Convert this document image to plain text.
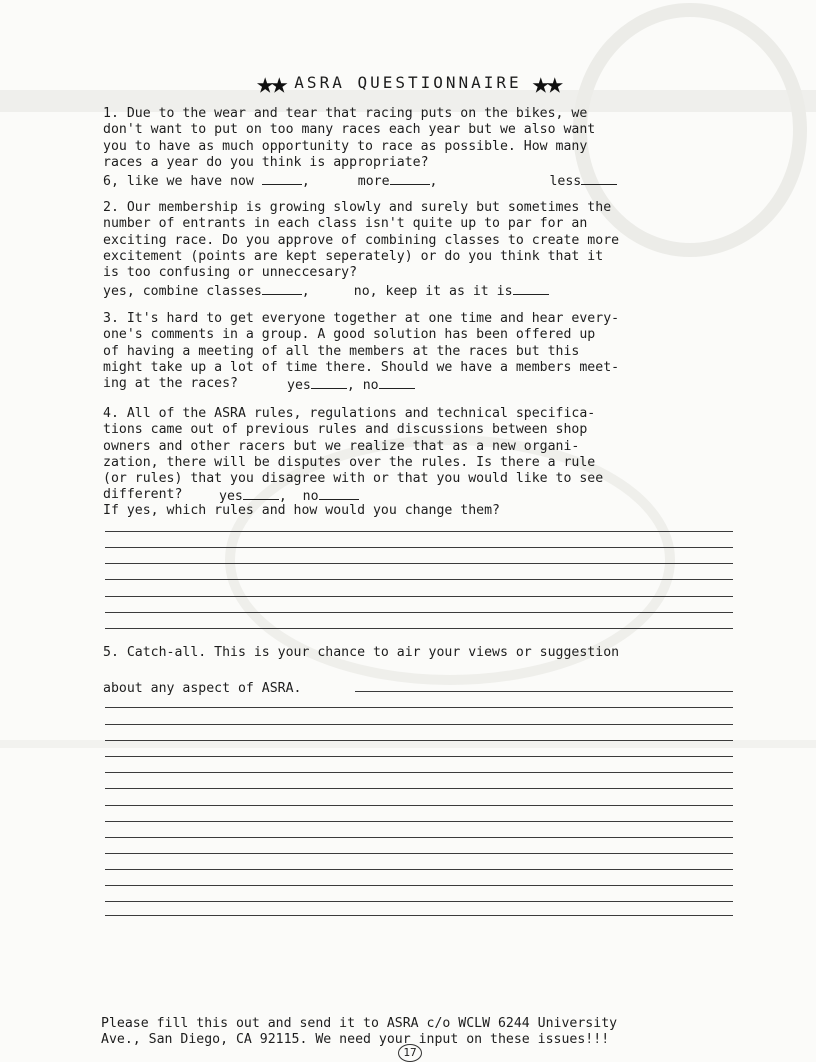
★★ ASRA QUESTIONNAIRE ★★
1. Due to the wear and tear that racing puts on the bikes, we
don't want to put on too many races each year but we also want
you to have as much opportunity to race as possible. How many
races a year do you think is appropriate?
6, like we have now	,	more	,	less
2. Our membership is growing slowly and surely but sometimes the
number of entrants in each class isn't quite up to par for an
exciting race. Do you approve of combining classes to create more
excitement (points are kept seperately) or do you think that it
is too confusing or unneccesary?
yes, combine classes	,	no, keep it as it is
3. It's hard to get everyone together at one time and hear every-
one's comments in a group. A good solution has been offered up
of having a meeting of all the members at the races but this
might take up a lot of time there. Should we have a members meet-
ing at the races?	yes	, no
4. All of the ASRA rules, regulations and technical specifica-
tions came out of previous rules and discussions between shop
owners and other racers but we realize that as a new organi-
zation, there will be disputes over the rules. Is there a rule
(or rules) that you disagree with or that you would like to see
different?	yes	,  no
If yes, which rules and how would you change them?
5. Catch-all. This is your chance to air your views or suggestion
about any aspect of ASRA.
Please fill this out and send it to ASRA c/o WCLW 6244 University
Ave., San Diego, CA 92115. We need your input on these issues!!!
17
